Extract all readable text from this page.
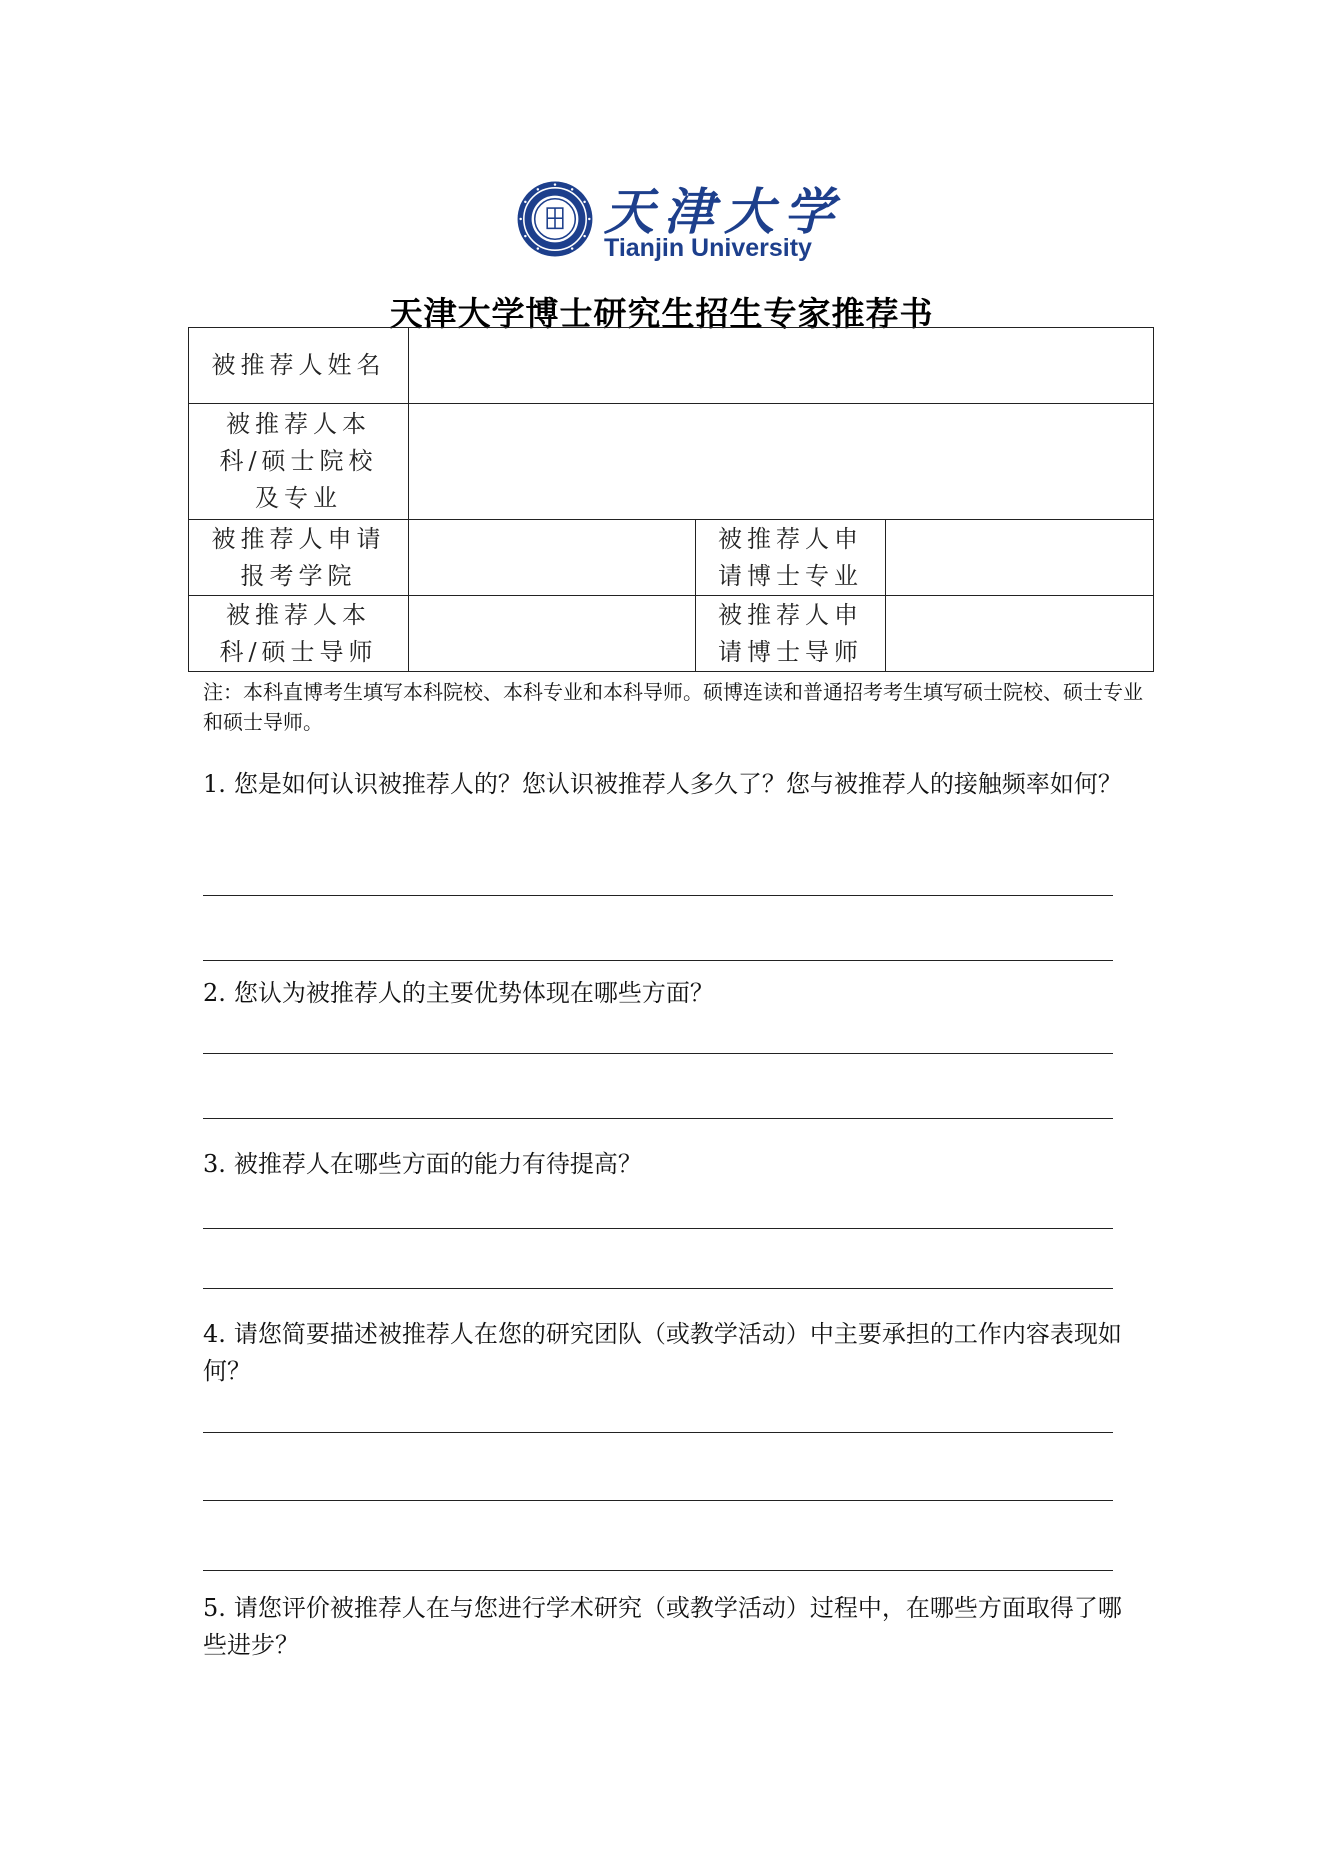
天津大学
Tianjin University
天津大学博士研究生招生专家推荐书
被推荐人姓名			
被推荐人本科/硕士院校及专业			
被推荐人申请报考学院		被推荐人申请博士专业	
被推荐人本科/硕士导师		被推荐人申请博士导师	
注：本科直博考生填写本科院校、本科专业和本科导师。硕博连读和普通招考考生填写硕士院校、硕士专业和硕士导师。
1. 您是如何认识被推荐人的？您认识被推荐人多久了？您与被推荐人的接触频率如何？
2. 您认为被推荐人的主要优势体现在哪些方面？
3. 被推荐人在哪些方面的能力有待提高？
4. 请您简要描述被推荐人在您的研究团队（或教学活动）中主要承担的工作内容表现如何？
5. 请您评价被推荐人在与您进行学术研究（或教学活动）过程中，在哪些方面取得了哪些进步？
